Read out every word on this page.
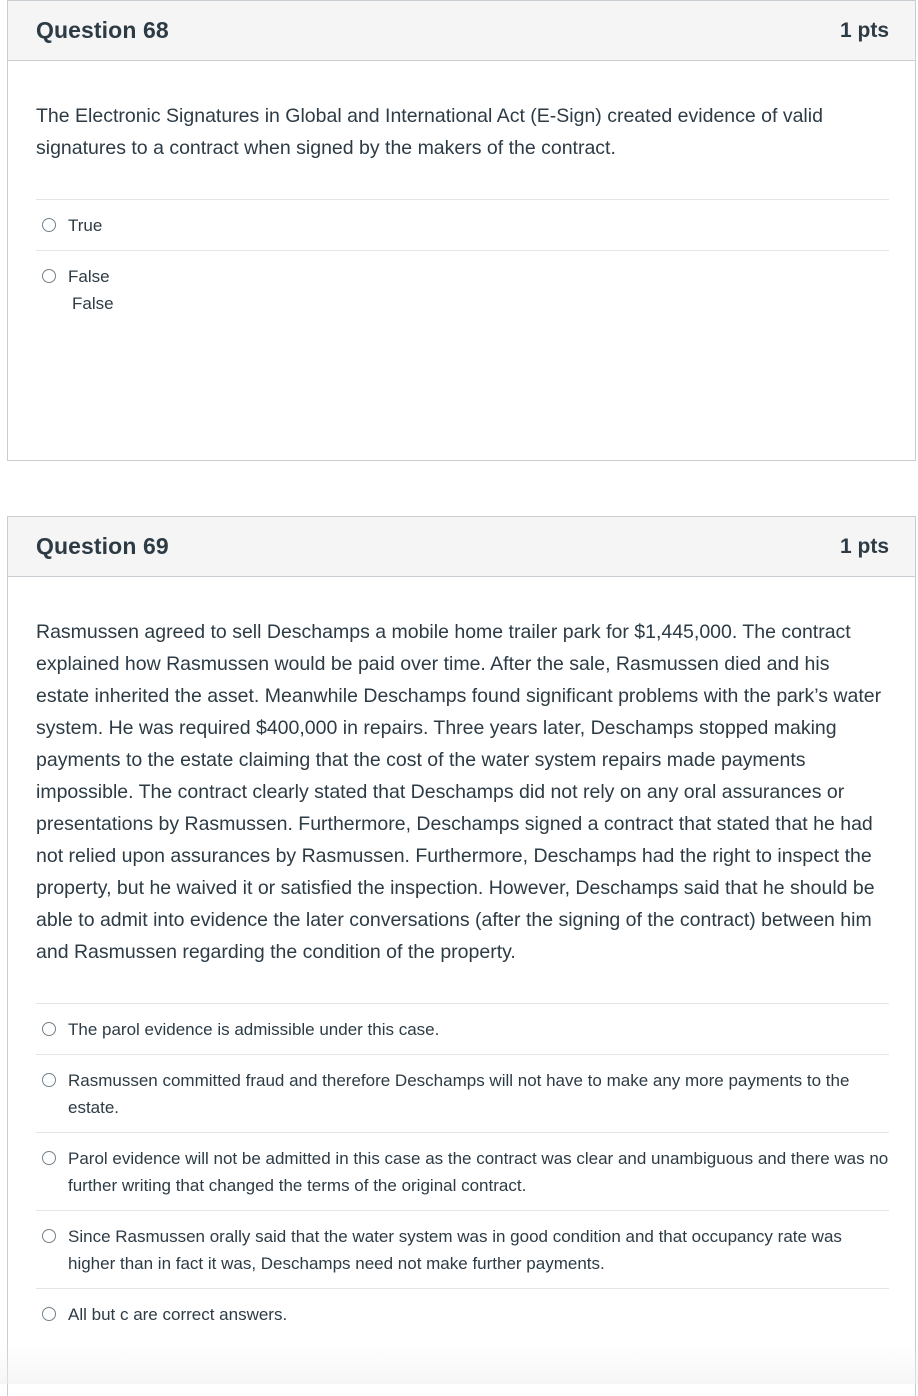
Question 68	1 pts
The Electronic Signatures in Global and International Act (E-Sign) created evidence of valid signatures to a contract when signed by the makers of the contract.
True
False
False
Question 69	1 pts
Rasmussen agreed to sell Deschamps a mobile home trailer park for $1,445,000. The contract explained how Rasmussen would be paid over time. After the sale, Rasmussen died and his estate inherited the asset. Meanwhile Deschamps found significant problems with the park’s water system. He was required $400,000 in repairs. Three years later, Deschamps stopped making payments to the estate claiming that the cost of the water system repairs made payments impossible. The contract clearly stated that Deschamps did not rely on any oral assurances or presentations by Rasmussen. Furthermore, Deschamps signed a contract that stated that he had not relied upon assurances by Rasmussen. Furthermore, Deschamps had the right to inspect the property, but he waived it or satisfied the inspection. However, Deschamps said that he should be able to admit into evidence the later conversations (after the signing of the contract) between him and Rasmussen regarding the condition of the property.
The parol evidence is admissible under this case.
Rasmussen committed fraud and therefore Deschamps will not have to make any more payments to the estate.
Parol evidence will not be admitted in this case as the contract was clear and unambiguous and there was no further writing that changed the terms of the original contract.
Since Rasmussen orally said that the water system was in good condition and that occupancy rate was higher than in fact it was, Deschamps need not make further payments.
All but c are correct answers.
